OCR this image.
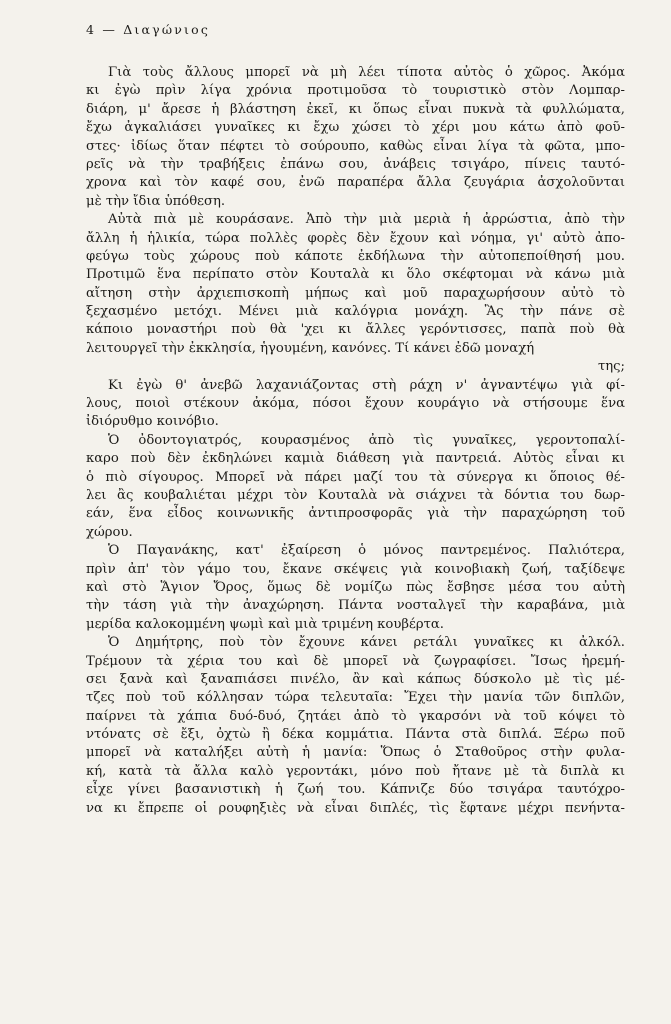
4 — Διαγώνιος
Γιὰ τοὺς ἄλλους μπορεῖ νὰ μὴ λέει τίποτα αὐτὸς ὁ χῶρος. Ἀκόμα
κι ἐγὼ πρὶν λίγα χρόνια προτιμοῦσα τὸ τουριστικὸ στὸν Λομπαρ-
διάρη, μ' ἄρεσε ἡ βλάστηση ἐκεῖ, κι ὅπως εἶναι πυκνὰ τὰ φυλλώματα,
ἔχω ἀγκαλιάσει γυναῖκες κι ἔχω χώσει τὸ χέρι μου κάτω ἀπὸ φοῦ-
στες· ἰδίως ὅταν πέφτει τὸ σούρουπο, καθὼς εἶναι λίγα τὰ φῶτα, μπο-
ρεῖς νὰ τὴν τραβήξεις ἐπάνω σου, ἀνάβεις τσιγάρο, πίνεις ταυτό-
χρονα καὶ τὸν καφέ σου, ἐνῶ παραπέρα ἄλλα ζευγάρια ἀσχολοῦνται
μὲ τὴν ἴδια ὑπόθεση.
Αὐτὰ πιὰ μὲ κουράσανε. Ἀπὸ τὴν μιὰ μεριὰ ἡ ἀρρώστια, ἀπὸ τὴν
ἄλλη ἡ ἡλικία, τώρα πολλὲς φορὲς δὲν ἔχουν καὶ νόημα, γι' αὐτὸ ἀπο-
φεύγω τοὺς χώρους ποὺ κάποτε ἐκδήλωνα τὴν αὐτοπεποίθησή μου.
Προτιμῶ ἕνα περίπατο στὸν Κουταλὰ κι ὅλο σκέφτομαι νὰ κάνω μιὰ
αἴτηση στὴν ἀρχιεπισκοπὴ μήπως καὶ μοῦ παραχωρήσουν αὐτὸ τὸ
ξεχασμένο μετόχι. Μένει μιὰ καλόγρια μονάχη. Ἂς τὴν πάνε σὲ
κάποιο μοναστήρι ποὺ θὰ 'χει κι ἄλλες γερόντισσες, παπὰ ποὺ θὰ
λειτουργεῖ τὴν ἐκκλησία, ἡγουμένη, κανόνες. Τί κάνει ἐδῶ μοναχή
της;
Κι ἐγὼ θ' ἀνεβῶ λαχανιάζοντας στὴ ράχη ν' ἀγναντέψω γιὰ φί-
λους, ποιοὶ στέκουν ἀκόμα, πόσοι ἔχουν κουράγιο νὰ στήσουμε ἕνα
ἰδιόρυθμο κοινόβιο.
Ὁ ὀδοντογιατρός, κουρασμένος ἀπὸ τὶς γυναῖκες, γεροντοπαλί-
καρο ποὺ δὲν ἐκδηλώνει καμιὰ διάθεση γιὰ παντρειά. Αὐτὸς εἶναι κι
ὁ πιὸ σίγουρος. Μπορεῖ νὰ πάρει μαζί του τὰ σύνεργα κι ὅποιος θέ-
λει ἂς κουβαλιέται μέχρι τὸν Κουταλὰ νὰ σιάχνει τὰ δόντια του δωρ-
εάν, ἕνα εἶδος κοινωνικῆς ἀντιπροσφορᾶς γιὰ τὴν παραχώρηση τοῦ
χώρου.
Ὁ Παγανάκης, κατ' ἐξαίρεση ὁ μόνος παντρεμένος. Παλιότερα,
πρὶν ἀπ' τὸν γάμο του, ἔκανε σκέψεις γιὰ κοινοβιακὴ ζωή, ταξίδεψε
καὶ στὸ Ἅγιον Ὄρος, ὅμως δὲ νομίζω πὼς ἔσβησε μέσα του αὐτὴ
τὴν τάση γιὰ τὴν ἀναχώρηση. Πάντα νοσταλγεῖ τὴν καραβάνα, μιὰ
μερίδα καλοκομμένη ψωμὶ καὶ μιὰ τριμένη κουβέρτα.
Ὁ Δημήτρης, ποὺ τὸν ἔχουνε κάνει ρετάλι γυναῖκες κι ἀλκόλ.
Τρέμουν τὰ χέρια του καὶ δὲ μπορεῖ νὰ ζωγραφίσει. Ἴσως ἠρεμή-
σει ξανὰ καὶ ξαναπιάσει πινέλο, ἂν καὶ κάπως δύσκολο μὲ τὶς μέ-
τζες ποὺ τοῦ κόλλησαν τώρα τελευταῖα: Ἔχει τὴν μανία τῶν διπλῶν,
παίρνει τὰ χάπια δυό-δυό, ζητάει ἀπὸ τὸ γκαρσόνι νὰ τοῦ κόψει τὸ
ντόνατς σὲ ἔξι, ὀχτὼ ἢ δέκα κομμάτια. Πάντα στὰ διπλά. Ξέρω ποῦ
μπορεῖ νὰ καταλήξει αὐτὴ ἡ μανία: Ὅπως ὁ Σταθοῦρος στὴν φυλα-
κή, κατὰ τὰ ἄλλα καλὸ γεροντάκι, μόνο ποὺ ἤτανε μὲ τὰ διπλὰ κι
εἶχε γίνει βασανιστικὴ ἡ ζωή του. Κάπνιζε δύο τσιγάρα ταυτόχρο-
να κι ἔπρεπε οἱ ρουφηξιὲς νὰ εἶναι διπλές, τὶς ἔφτανε μέχρι πενήντα-
